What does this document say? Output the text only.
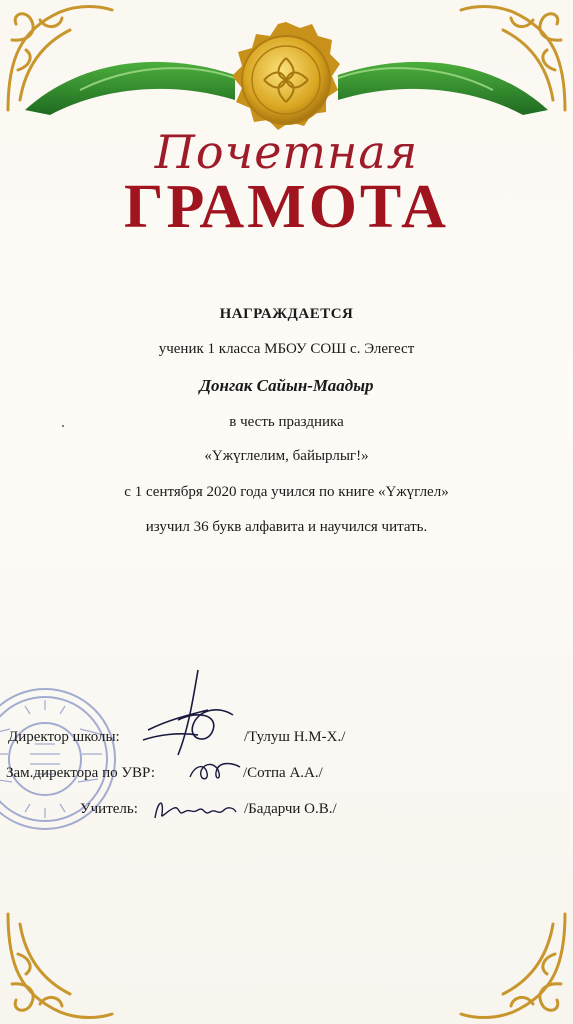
Почетная
ГРАМОТА
НАГРАЖДАЕТСЯ
ученик 1 класса МБОУ СОШ с. Элегест
Донгак Сайын-Маадыр
в честь праздника
«Үжүглелим, байырлыг!»
с 1 сентября 2020 года учился по книге «Үжүглел»
изучил 36 букв алфавита и научился читать.
Директор школы:	/Тулуш Н.М-Х./
Зам.директора по УВР:	/Сотпа А.А./
Учитель:	/Бадарчи О.В./
